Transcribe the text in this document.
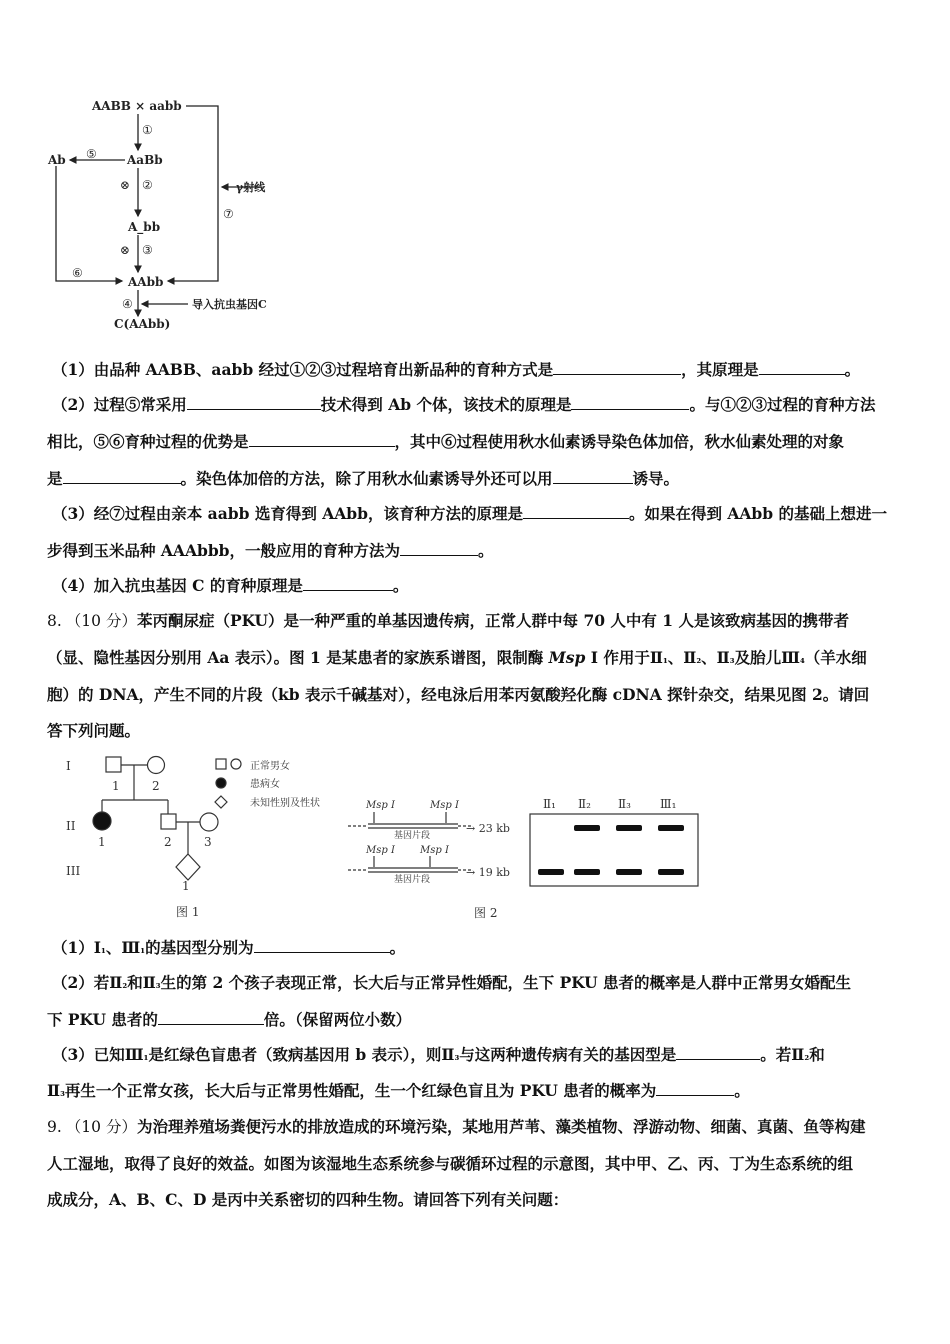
AABB × aabb
AaBb
A_bb
AAbb
C(AAbb)
Ab
γ射线
导入抗虫基因C
①
⊗ ②
⊗ ③
④
⑤
⑥
⑦
（1）由品种 AABB、aabb 经过①②③过程培育出新品种的育种方式是	，其原理是	。
（2）过程⑤常采用	技术得到 Ab 个体，该技术的原理是	。与①②③过程的育种方法
相比，⑤⑥育种过程的优势是	，其中⑥过程使用秋水仙素诱导染色体加倍，秋水仙素处理的对象
是	。染色体加倍的方法，除了用秋水仙素诱导外还可以用	诱导。
（3）经⑦过程由亲本 aabb 选育得到 AAbb，该育种方法的原理是	。如果在得到 AAbb 的基础上想进一
步得到玉米品种 AAAbbb，一般应用的育种方法为	。
（4）加入抗虫基因 C 的育种原理是	。
8. （10 分）苯丙酮尿症（PKU）是一种严重的单基因遗传病，正常人群中每 70 人中有 1 人是该致病基因的携带者
（显、隐性基因分别用 Aa 表示）。图 1 是某患者的家族系谱图，限制酶 Msp I 作用于Ⅱ₁、Ⅱ₂、Ⅱ₃及胎儿Ⅲ₄（羊水细
胞）的 DNA，产生不同的片段（kb 表示千碱基对），经电泳后用苯丙氨酸羟化酶 cDNA 探针杂交，结果见图 2。请回
答下列问题。
I
II
III
1	2
1	2	3
1
正常男女
患病女
未知性别及性状
图 1
Msp I	Msp I
Msp I	Msp I
基因片段
基因片段
→ 23 kb
→ 19 kb
图 2
Ⅱ₁ Ⅱ₂ Ⅱ₃ Ⅲ₁
（1）I₁、Ⅲ₁的基因型分别为	。
（2）若Ⅱ₂和Ⅱ₃生的第 2 个孩子表现正常，长大后与正常异性婚配，生下 PKU 患者的概率是人群中正常男女婚配生
下 PKU 患者的	倍。（保留两位小数）
（3）已知Ⅲ₁是红绿色盲患者（致病基因用 b 表示），则Ⅱ₃与这两种遗传病有关的基因型是	。若Ⅱ₂和
Ⅱ₃再生一个正常女孩，长大后与正常男性婚配，生一个红绿色盲且为 PKU 患者的概率为	。
9. （10 分）为治理养殖场粪便污水的排放造成的环境污染，某地用芦苇、藻类植物、浮游动物、细菌、真菌、鱼等构建
人工湿地，取得了良好的效益。如图为该湿地生态系统参与碳循环过程的示意图，其中甲、乙、丙、丁为生态系统的组
成成分，A、B、C、D 是丙中关系密切的四种生物。请回答下列有关问题：
